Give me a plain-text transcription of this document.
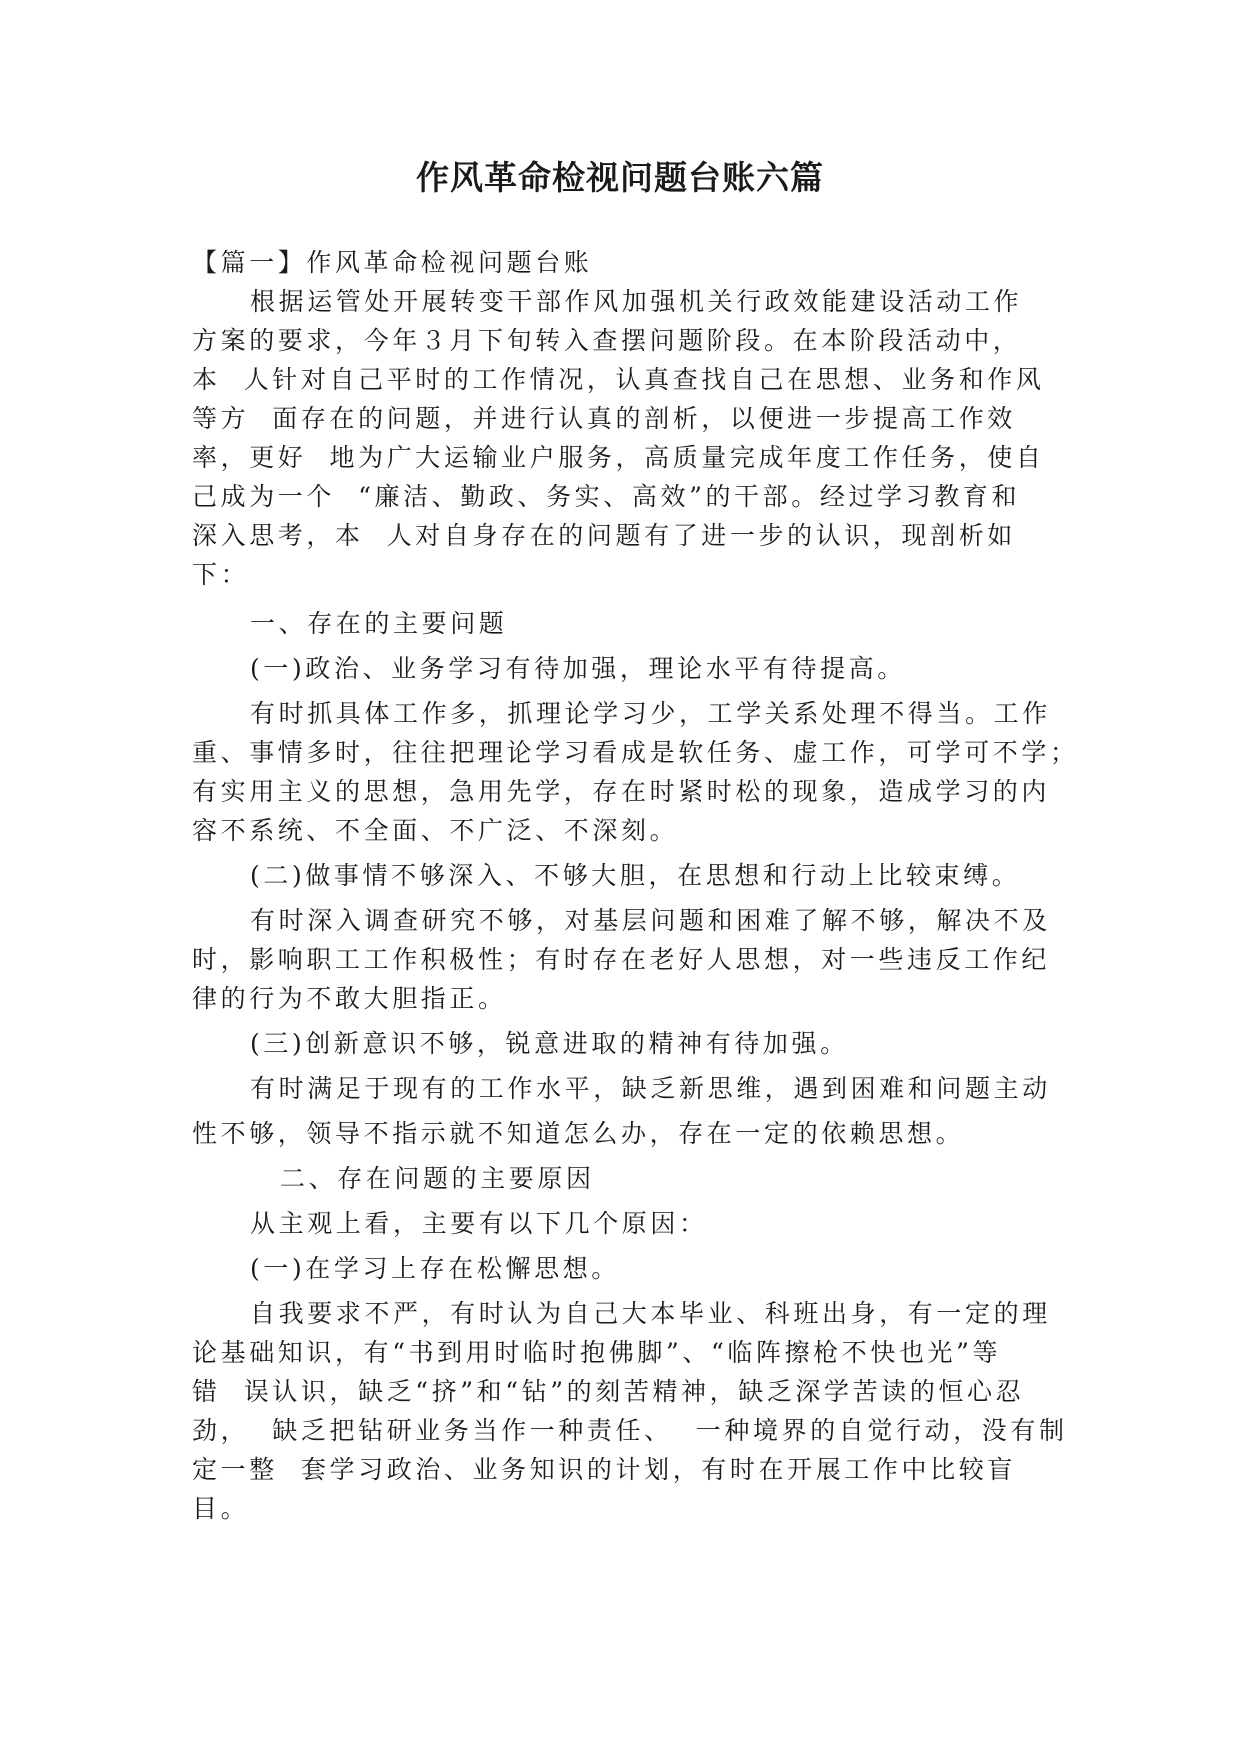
作风革命检视问题台账六篇
【篇一】作风革命检视问题台账
根据运管处开展转变干部作风加强机关行政效能建设活动工作
方案的要求，今年３月下旬转入查摆问题阶段。在本阶段活动中，
本  人针对自己平时的工作情况，认真查找自己在思想、业务和作风
等方  面存在的问题，并进行认真的剖析，以便进一步提高工作效
率，更好  地为广大运输业户服务，高质量完成年度工作任务，使自
己成为一个  “廉洁、勤政、务实、高效”的干部。经过学习教育和
深入思考，本  人对自身存在的问题有了进一步的认识，现剖析如
下：
一、存在的主要问题
(一)政治、业务学习有待加强，理论水平有待提高。
有时抓具体工作多，抓理论学习少，工学关系处理不得当。工作
重、事情多时，往往把理论学习看成是软任务、虚工作，可学可不学；
有实用主义的思想，急用先学，存在时紧时松的现象，造成学习的内
容不系统、不全面、不广泛、不深刻。
(二)做事情不够深入、不够大胆，在思想和行动上比较束缚。
有时深入调查研究不够，对基层问题和困难了解不够，解决不及
时，影响职工工作积极性；有时存在老好人思想，对一些违反工作纪
律的行为不敢大胆指正。
(三)创新意识不够，锐意进取的精神有待加强。
有时满足于现有的工作水平，缺乏新思维，遇到困难和问题主动
性不够，领导不指示就不知道怎么办，存在一定的依赖思想。
二、存在问题的主要原因
从主观上看，主要有以下几个原因：
(一)在学习上存在松懈思想。
自我要求不严，有时认为自己大本毕业、科班出身，有一定的理
论基础知识，有“书到用时临时抱佛脚”、“临阵擦枪不快也光”等
错  误认识，缺乏“挤”和“钻”的刻苦精神，缺乏深学苦读的恒心忍
劲，  缺乏把钻研业务当作一种责任、  一种境界的自觉行动，没有制
定一整  套学习政治、业务知识的计划，有时在开展工作中比较盲
目。
